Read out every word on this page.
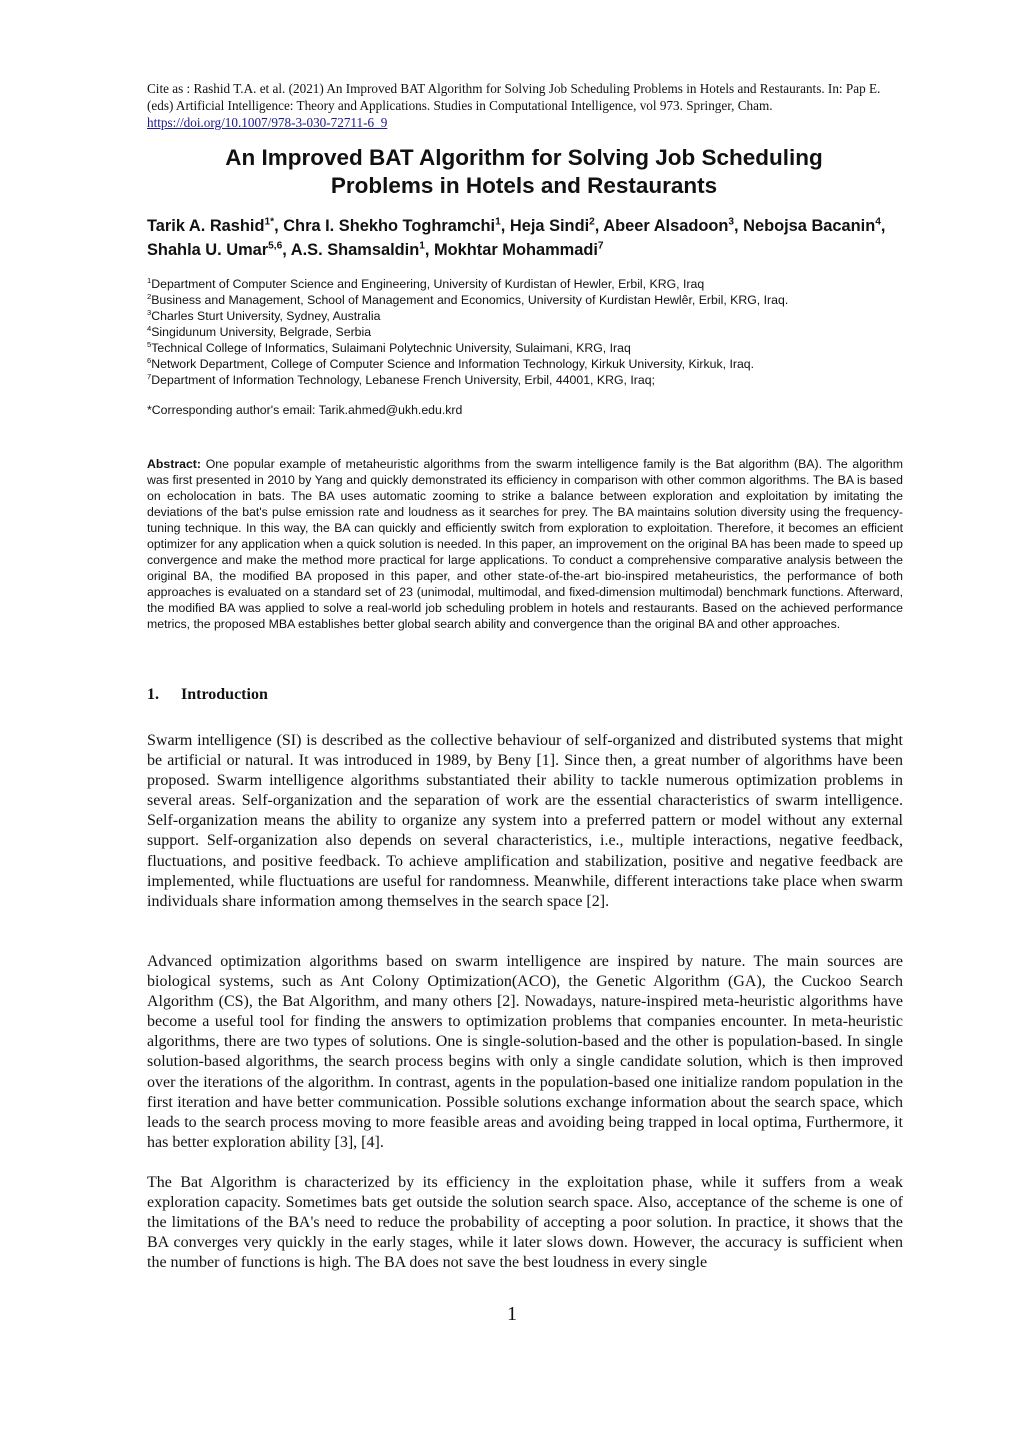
Cite as : Rashid T.A. et al. (2021) An Improved BAT Algorithm for Solving Job Scheduling Problems in Hotels and Restaurants. In: Pap E. (eds) Artificial Intelligence: Theory and Applications. Studies in Computational Intelligence, vol 973. Springer, Cham. https://doi.org/10.1007/978-3-030-72711-6_9
An Improved BAT Algorithm for Solving Job Scheduling
Problems in Hotels and Restaurants
Tarik A. Rashid$^{1*}$, Chra I. Shekho Toghramchi$^1$, Heja Sindi$^2$, Abeer Alsadoon$^3$, Nebojsa Bacanin$^4$, Shahla U. Umar$^{5,6}$, A.S. Shamsaldin$^1$, Mokhtar Mohammadi$^7$
$^1$Department of Computer Science and Engineering, University of Kurdistan of Hewler, Erbil, KRG, Iraq
$^2$Business and Management, School of Management and Economics, University of Kurdistan Hewlêr, Erbil, KRG, Iraq.
$^3$Charles Sturt University, Sydney, Australia
$^4$Singidunum University, Belgrade, Serbia
$^5$Technical College of Informatics, Sulaimani Polytechnic University, Sulaimani, KRG, Iraq
$^6$Network Department, College of Computer Science and Information Technology, Kirkuk University, Kirkuk, Iraq.
$^7$Department of Information Technology, Lebanese French University, Erbil, 44001, KRG, Iraq;
*Corresponding author's email: Tarik.ahmed@ukh.edu.krd
Abstract: One popular example of metaheuristic algorithms from the swarm intelligence family is the Bat algorithm (BA). The algorithm was first presented in 2010 by Yang and quickly demonstrated its efficiency in comparison with other common algorithms. The BA is based on echolocation in bats. The BA uses automatic zooming to strike a balance between exploration and exploitation by imitating the deviations of the bat's pulse emission rate and loudness as it searches for prey. The BA maintains solution diversity using the frequency-tuning technique. In this way, the BA can quickly and efficiently switch from exploration to exploitation. Therefore, it becomes an efficient optimizer for any application when a quick solution is needed. In this paper, an improvement on the original BA has been made to speed up convergence and make the method more practical for large applications. To conduct a comprehensive comparative analysis between the original BA, the modified BA proposed in this paper, and other state-of-the-art bio-inspired metaheuristics, the performance of both approaches is evaluated on a standard set of 23 (unimodal, multimodal, and fixed-dimension multimodal) benchmark functions. Afterward, the modified BA was applied to solve a real-world job scheduling problem in hotels and restaurants. Based on the achieved performance metrics, the proposed MBA establishes better global search ability and convergence than the original BA and other approaches.
1. Introduction
Swarm intelligence (SI) is described as the collective behaviour of self-organized and distributed systems that might be artificial or natural. It was introduced in 1989, by Beny [1]. Since then, a great number of algorithms have been proposed. Swarm intelligence algorithms substantiated their ability to tackle numerous optimization problems in several areas. Self-organization and the separation of work are the essential characteristics of swarm intelligence. Self-organization means the ability to organize any system into a preferred pattern or model without any external support. Self-organization also depends on several characteristics, i.e., multiple interactions, negative feedback, fluctuations, and positive feedback. To achieve amplification and stabilization, positive and negative feedback are implemented, while fluctuations are useful for randomness. Meanwhile, different interactions take place when swarm individuals share information among themselves in the search space [2].
Advanced optimization algorithms based on swarm intelligence are inspired by nature. The main sources are biological systems, such as Ant Colony Optimization(ACO), the Genetic Algorithm (GA), the Cuckoo Search Algorithm (CS), the Bat Algorithm, and many others [2]. Nowadays, nature-inspired meta-heuristic algorithms have become a useful tool for finding the answers to optimization problems that companies encounter. In meta-heuristic algorithms, there are two types of solutions. One is single-solution-based and the other is population-based. In single solution-based algorithms, the search process begins with only a single candidate solution, which is then improved over the iterations of the algorithm. In contrast, agents in the population-based one initialize random population in the first iteration and have better communication. Possible solutions exchange information about the search space, which leads to the search process moving to more feasible areas and avoiding being trapped in local optima, Furthermore, it has better exploration ability [3], [4].
The Bat Algorithm is characterized by its efficiency in the exploitation phase, while it suffers from a weak exploration capacity. Sometimes bats get outside the solution search space. Also, acceptance of the scheme is one of the limitations of the BA's need to reduce the probability of accepting a poor solution. In practice, it shows that the BA converges very quickly in the early stages, while it later slows down. However, the accuracy is sufficient when the number of functions is high. The BA does not save the best loudness in every single
1
